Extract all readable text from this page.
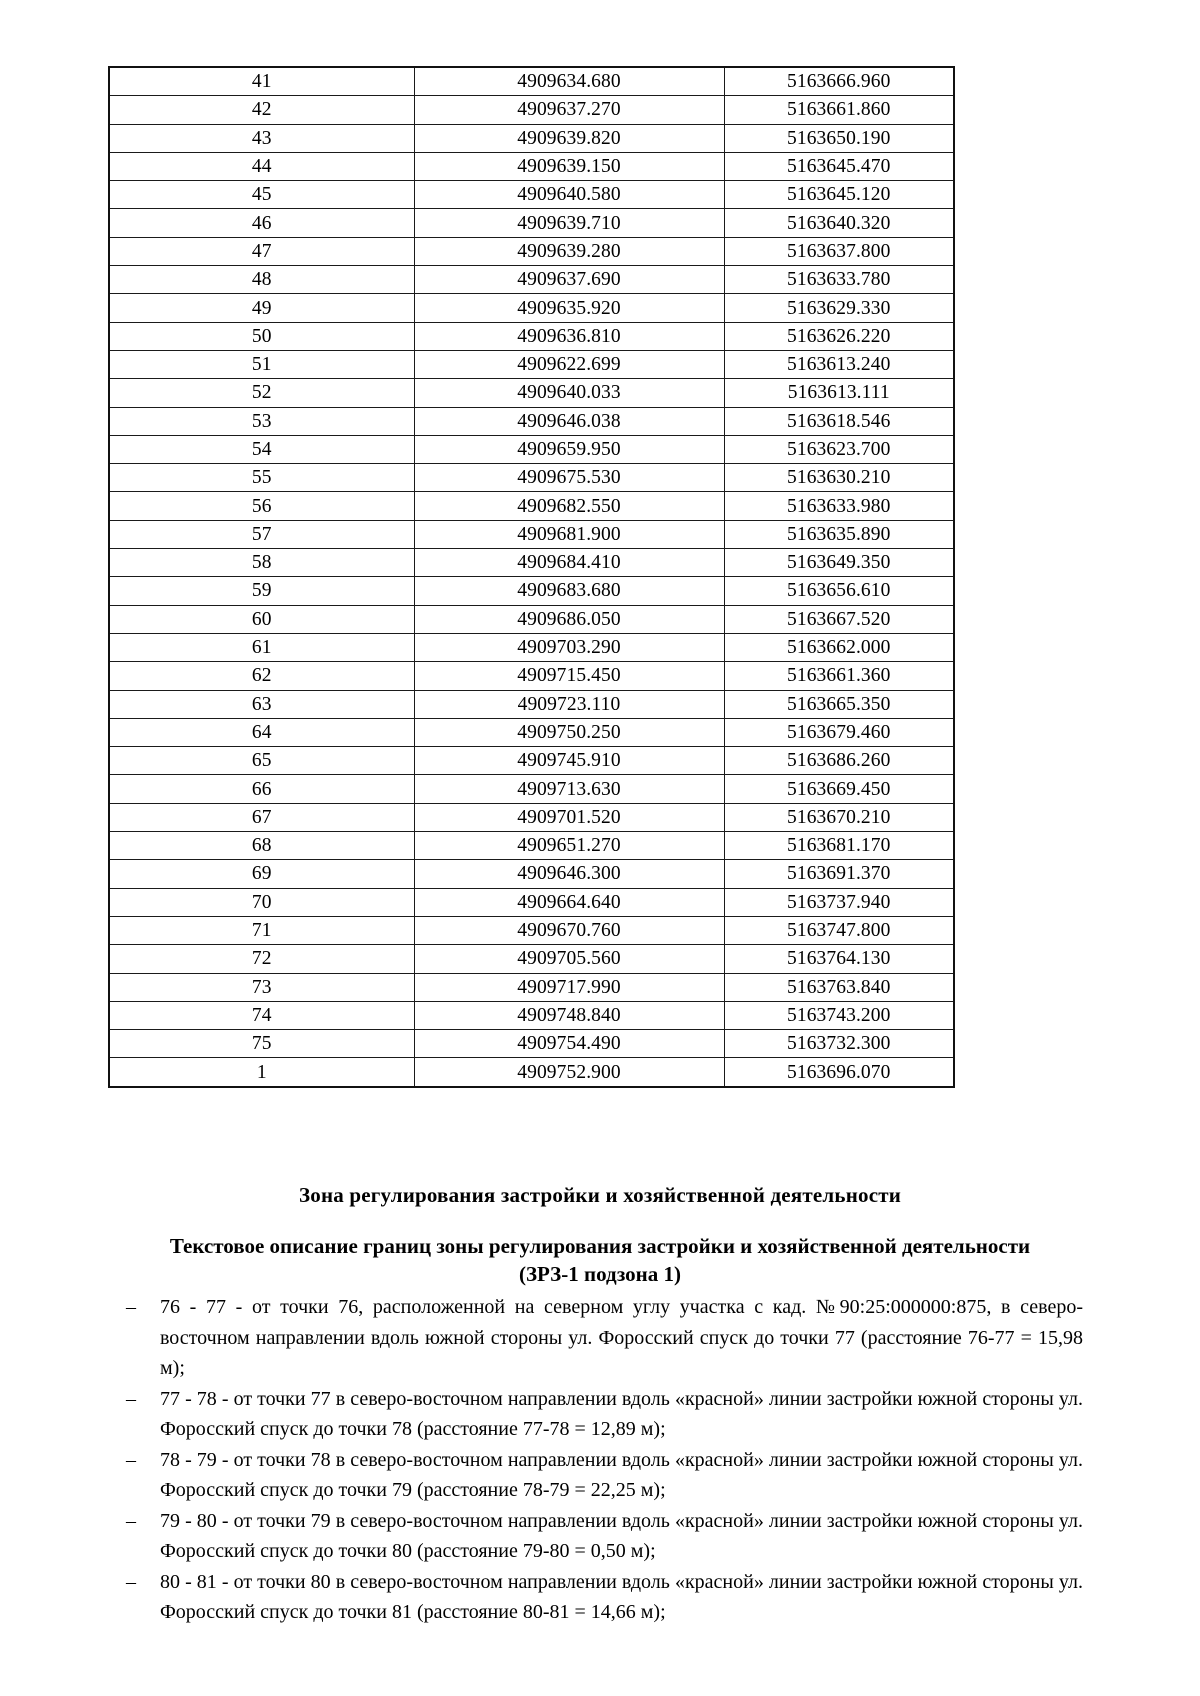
41	4909634.680	5163666.960
42	4909637.270	5163661.860
43	4909639.820	5163650.190
44	4909639.150	5163645.470
45	4909640.580	5163645.120
46	4909639.710	5163640.320
47	4909639.280	5163637.800
48	4909637.690	5163633.780
49	4909635.920	5163629.330
50	4909636.810	5163626.220
51	4909622.699	5163613.240
52	4909640.033	5163613.111
53	4909646.038	5163618.546
54	4909659.950	5163623.700
55	4909675.530	5163630.210
56	4909682.550	5163633.980
57	4909681.900	5163635.890
58	4909684.410	5163649.350
59	4909683.680	5163656.610
60	4909686.050	5163667.520
61	4909703.290	5163662.000
62	4909715.450	5163661.360
63	4909723.110	5163665.350
64	4909750.250	5163679.460
65	4909745.910	5163686.260
66	4909713.630	5163669.450
67	4909701.520	5163670.210
68	4909651.270	5163681.170
69	4909646.300	5163691.370
70	4909664.640	5163737.940
71	4909670.760	5163747.800
72	4909705.560	5163764.130
73	4909717.990	5163763.840
74	4909748.840	5163743.200
75	4909754.490	5163732.300
1	4909752.900	5163696.070
Зона регулирования застройки и хозяйственной деятельности
Текстовое описание границ зоны регулирования застройки и хозяйственной деятельности (ЗРЗ-1 подзона 1)
–	76 - 77 - от точки 76, расположенной на северном углу участка с кад. №90:25:000000:875, в северо-восточном направлении вдоль южной стороны ул. Форосский спуск до точки 77 (расстояние 76-77 = 15,98 м);
–	77 - 78 - от точки 77 в северо-восточном направлении вдоль «красной» линии застройки южной стороны ул. Форосский спуск до точки 78 (расстояние 77-78 = 12,89 м);
–	78 - 79 - от точки 78 в северо-восточном направлении вдоль «красной» линии застройки южной стороны ул. Форосский спуск до точки 79 (расстояние 78-79 = 22,25 м);
–	79 - 80 - от точки 79 в северо-восточном направлении вдоль «красной» линии застройки южной стороны ул. Форосский спуск до точки 80 (расстояние 79-80 = 0,50 м);
–	80 - 81 - от точки 80 в северо-восточном направлении вдоль «красной» линии застройки южной стороны ул. Форосский спуск до точки 81 (расстояние 80-81 = 14,66 м);
